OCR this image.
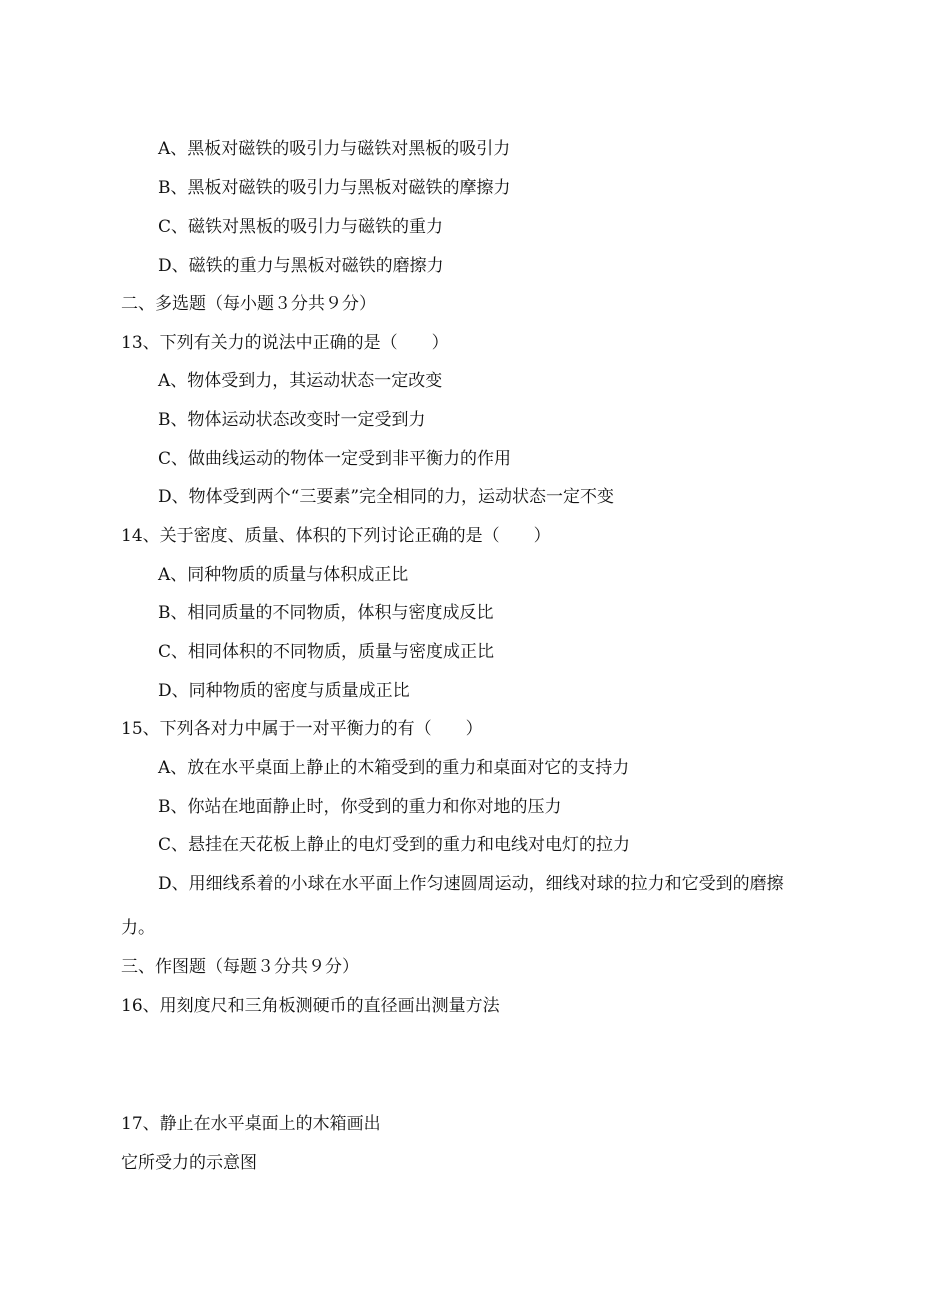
A、黑板对磁铁的吸引力与磁铁对黑板的吸引力
B、黑板对磁铁的吸引力与黑板对磁铁的摩擦力
C、磁铁对黑板的吸引力与磁铁的重力
D、磁铁的重力与黑板对磁铁的磨擦力
二、多选题（每小题３分共９分）
13、下列有关力的说法中正确的是（　　）
A、物体受到力，其运动状态一定改变
B、物体运动状态改变时一定受到力
C、做曲线运动的物体一定受到非平衡力的作用
D、物体受到两个“三要素”完全相同的力，运动状态一定不变
14、关于密度、质量、体积的下列讨论正确的是（　　）
A、同种物质的质量与体积成正比
B、相同质量的不同物质，体积与密度成反比
C、相同体积的不同物质，质量与密度成正比
D、同种物质的密度与质量成正比
15、下列各对力中属于一对平衡力的有（　　）
A、放在水平桌面上静止的木箱受到的重力和桌面对它的支持力
B、你站在地面静止时，你受到的重力和你对地的压力
C、悬挂在天花板上静止的电灯受到的重力和电线对电灯的拉力
D、用细线系着的小球在水平面上作匀速圆周运动，细线对球的拉力和它受到的磨擦
力。
三、作图题（每题３分共９分）
16、用刻度尺和三角板测硬币的直径画出测量方法
17、静止在水平桌面上的木箱画出
它所受力的示意图
